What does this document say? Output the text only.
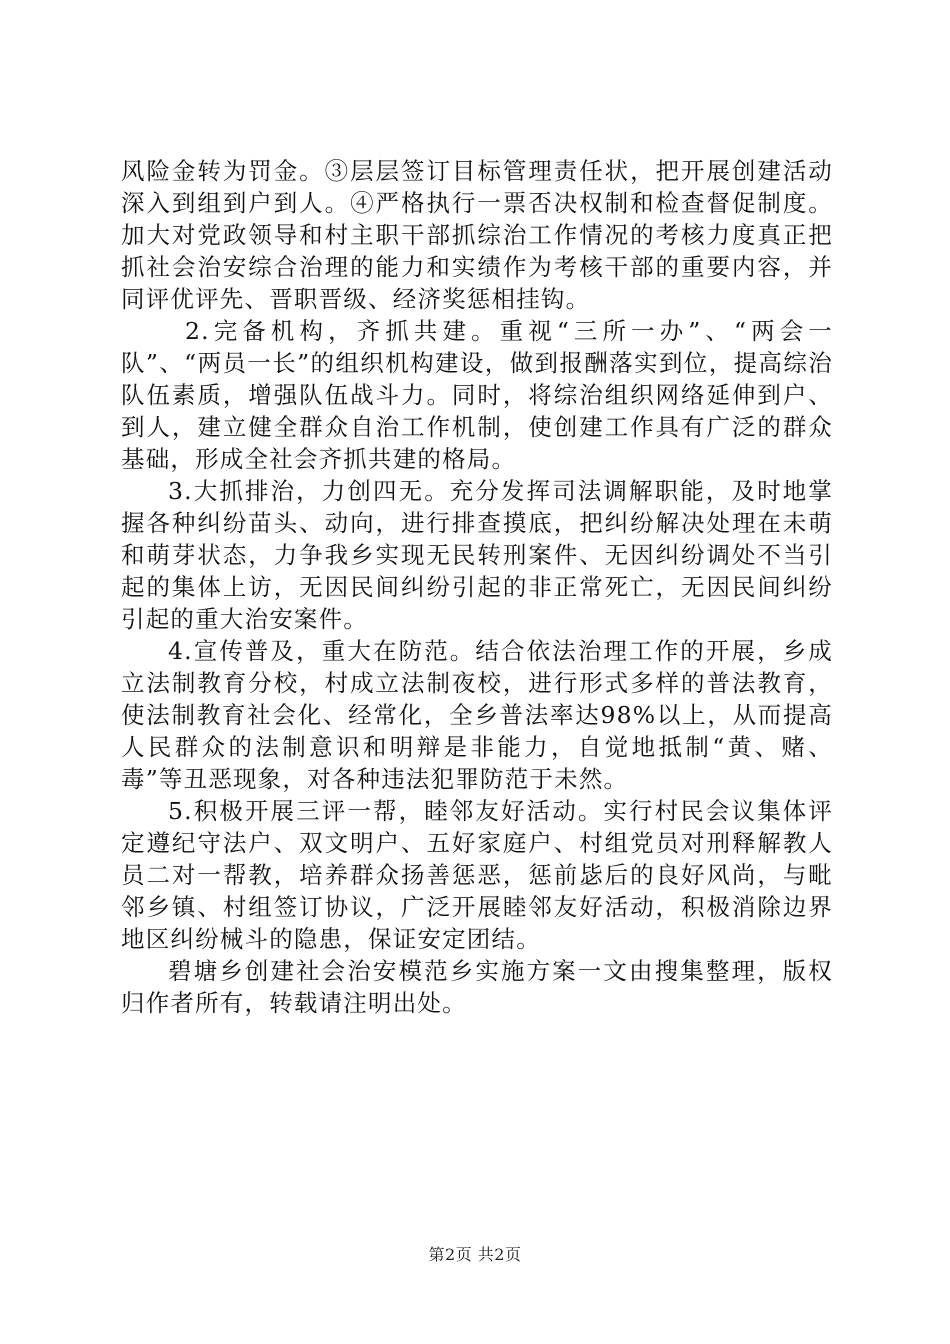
风险金转为罚金。③层层签订目标管理责任状，把开展创建活动深入到组到户到人。④严格执行一票否决权制和检查督促制度。加大对党政领导和村主职干部抓综治工作情况的考核力度真正把抓社会治安综合治理的能力和实绩作为考核干部的重要内容，并同评优评先、晋职晋级、经济奖惩相挂钩。

2.完备机构，齐抓共建。重视“三所一办”、“两会一队”、“两员一长”的组织机构建设，做到报酬落实到位，提高综治队伍素质，增强队伍战斗力。同时，将综治组织网络延伸到户、到人，建立健全群众自治工作机制，使创建工作具有广泛的群众基础，形成全社会齐抓共建的格局。

3.大抓排治，力创四无。充分发挥司法调解职能，及时地掌握各种纠纷苗头、动向，进行排查摸底，把纠纷解决处理在未萌和萌芽状态，力争我乡实现无民转刑案件、无因纠纷调处不当引起的集体上访，无因民间纠纷引起的非正常死亡，无因民间纠纷引起的重大治安案件。

4.宣传普及，重大在防范。结合依法治理工作的开展，乡成立法制教育分校，村成立法制夜校，进行形式多样的普法教育，使法制教育社会化、经常化，全乡普法率达98%以上，从而提高人民群众的法制意识和明辩是非能力，自觉地抵制“黄、赌、毒”等丑恶现象，对各种违法犯罪防范于未然。

5.积极开展三评一帮，睦邻友好活动。实行村民会议集体评定遵纪守法户、双文明户、五好家庭户、村组党员对刑释解教人员二对一帮教，培养群众扬善惩恶，惩前毖后的良好风尚，与毗邻乡镇、村组签订协议，广泛开展睦邻友好活动，积极消除边界地区纠纷械斗的隐患，保证安定团结。

碧塘乡创建社会治安模范乡实施方案一文由搜集整理，版权归作者所有，转载请注明出处。

第2页 共2页
